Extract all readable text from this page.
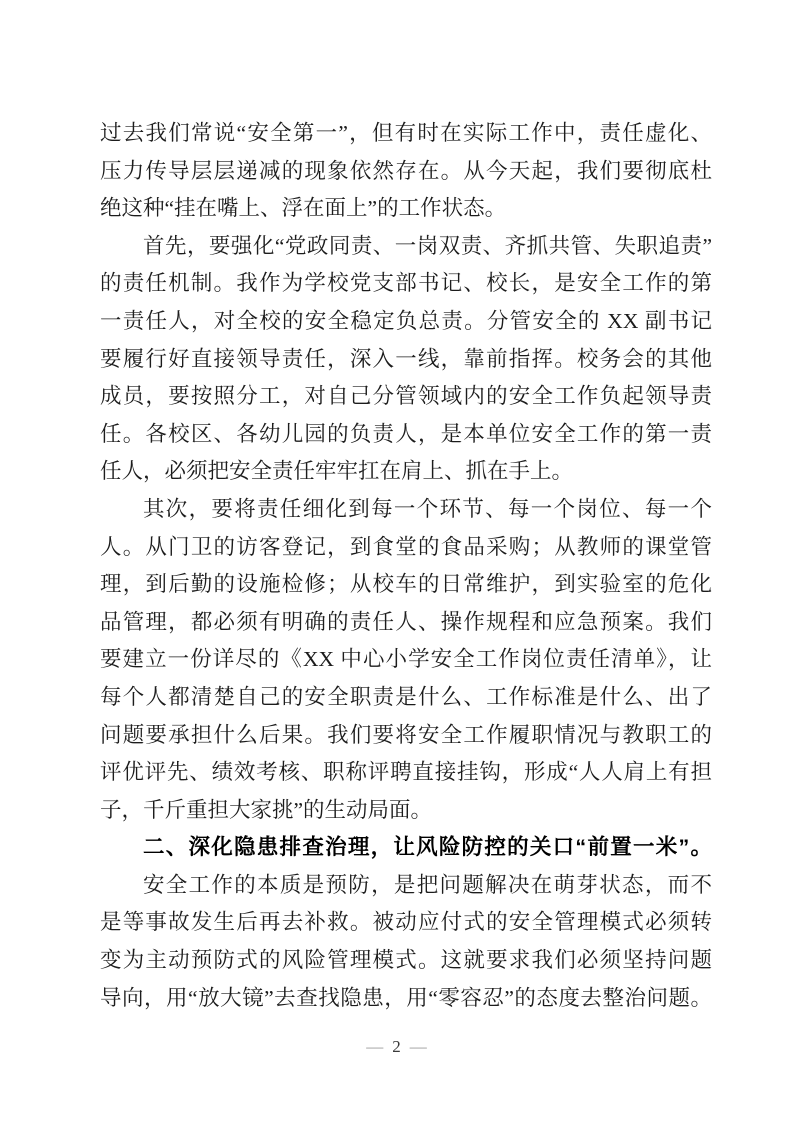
过去我们常说“安全第一”，但有时在实际工作中，责任虚化、
压力传导层层递减的现象依然存在。从今天起，我们要彻底杜
绝这种“挂在嘴上、浮在面上”的工作状态。
首先，要强化“党政同责、一岗双责、齐抓共管、失职追责”
的责任机制。我作为学校党支部书记、校长，是安全工作的第
一责任人，对全校的安全稳定负总责。分管安全的 XX 副书记
要履行好直接领导责任，深入一线，靠前指挥。校务会的其他
成员，要按照分工，对自己分管领域内的安全工作负起领导责
任。各校区、各幼儿园的负责人，是本单位安全工作的第一责
任人，必须把安全责任牢牢扛在肩上、抓在手上。
其次，要将责任细化到每一个环节、每一个岗位、每一个
人。从门卫的访客登记，到食堂的食品采购；从教师的课堂管
理，到后勤的设施检修；从校车的日常维护，到实验室的危化
品管理，都必须有明确的责任人、操作规程和应急预案。我们
要建立一份详尽的《XX 中心小学安全工作岗位责任清单》，让
每个人都清楚自己的安全职责是什么、工作标准是什么、出了
问题要承担什么后果。我们要将安全工作履职情况与教职工的
评优评先、绩效考核、职称评聘直接挂钩，形成“人人肩上有担
子，千斤重担大家挑”的生动局面。
二、深化隐患排查治理，让风险防控的关口“前置一米”。
安全工作的本质是预防，是把问题解决在萌芽状态，而不
是等事故发生后再去补救。被动应付式的安全管理模式必须转
变为主动预防式的风险管理模式。这就要求我们必须坚持问题
导向，用“放大镜”去查找隐患，用“零容忍”的态度去整治问题。
— 2 —
